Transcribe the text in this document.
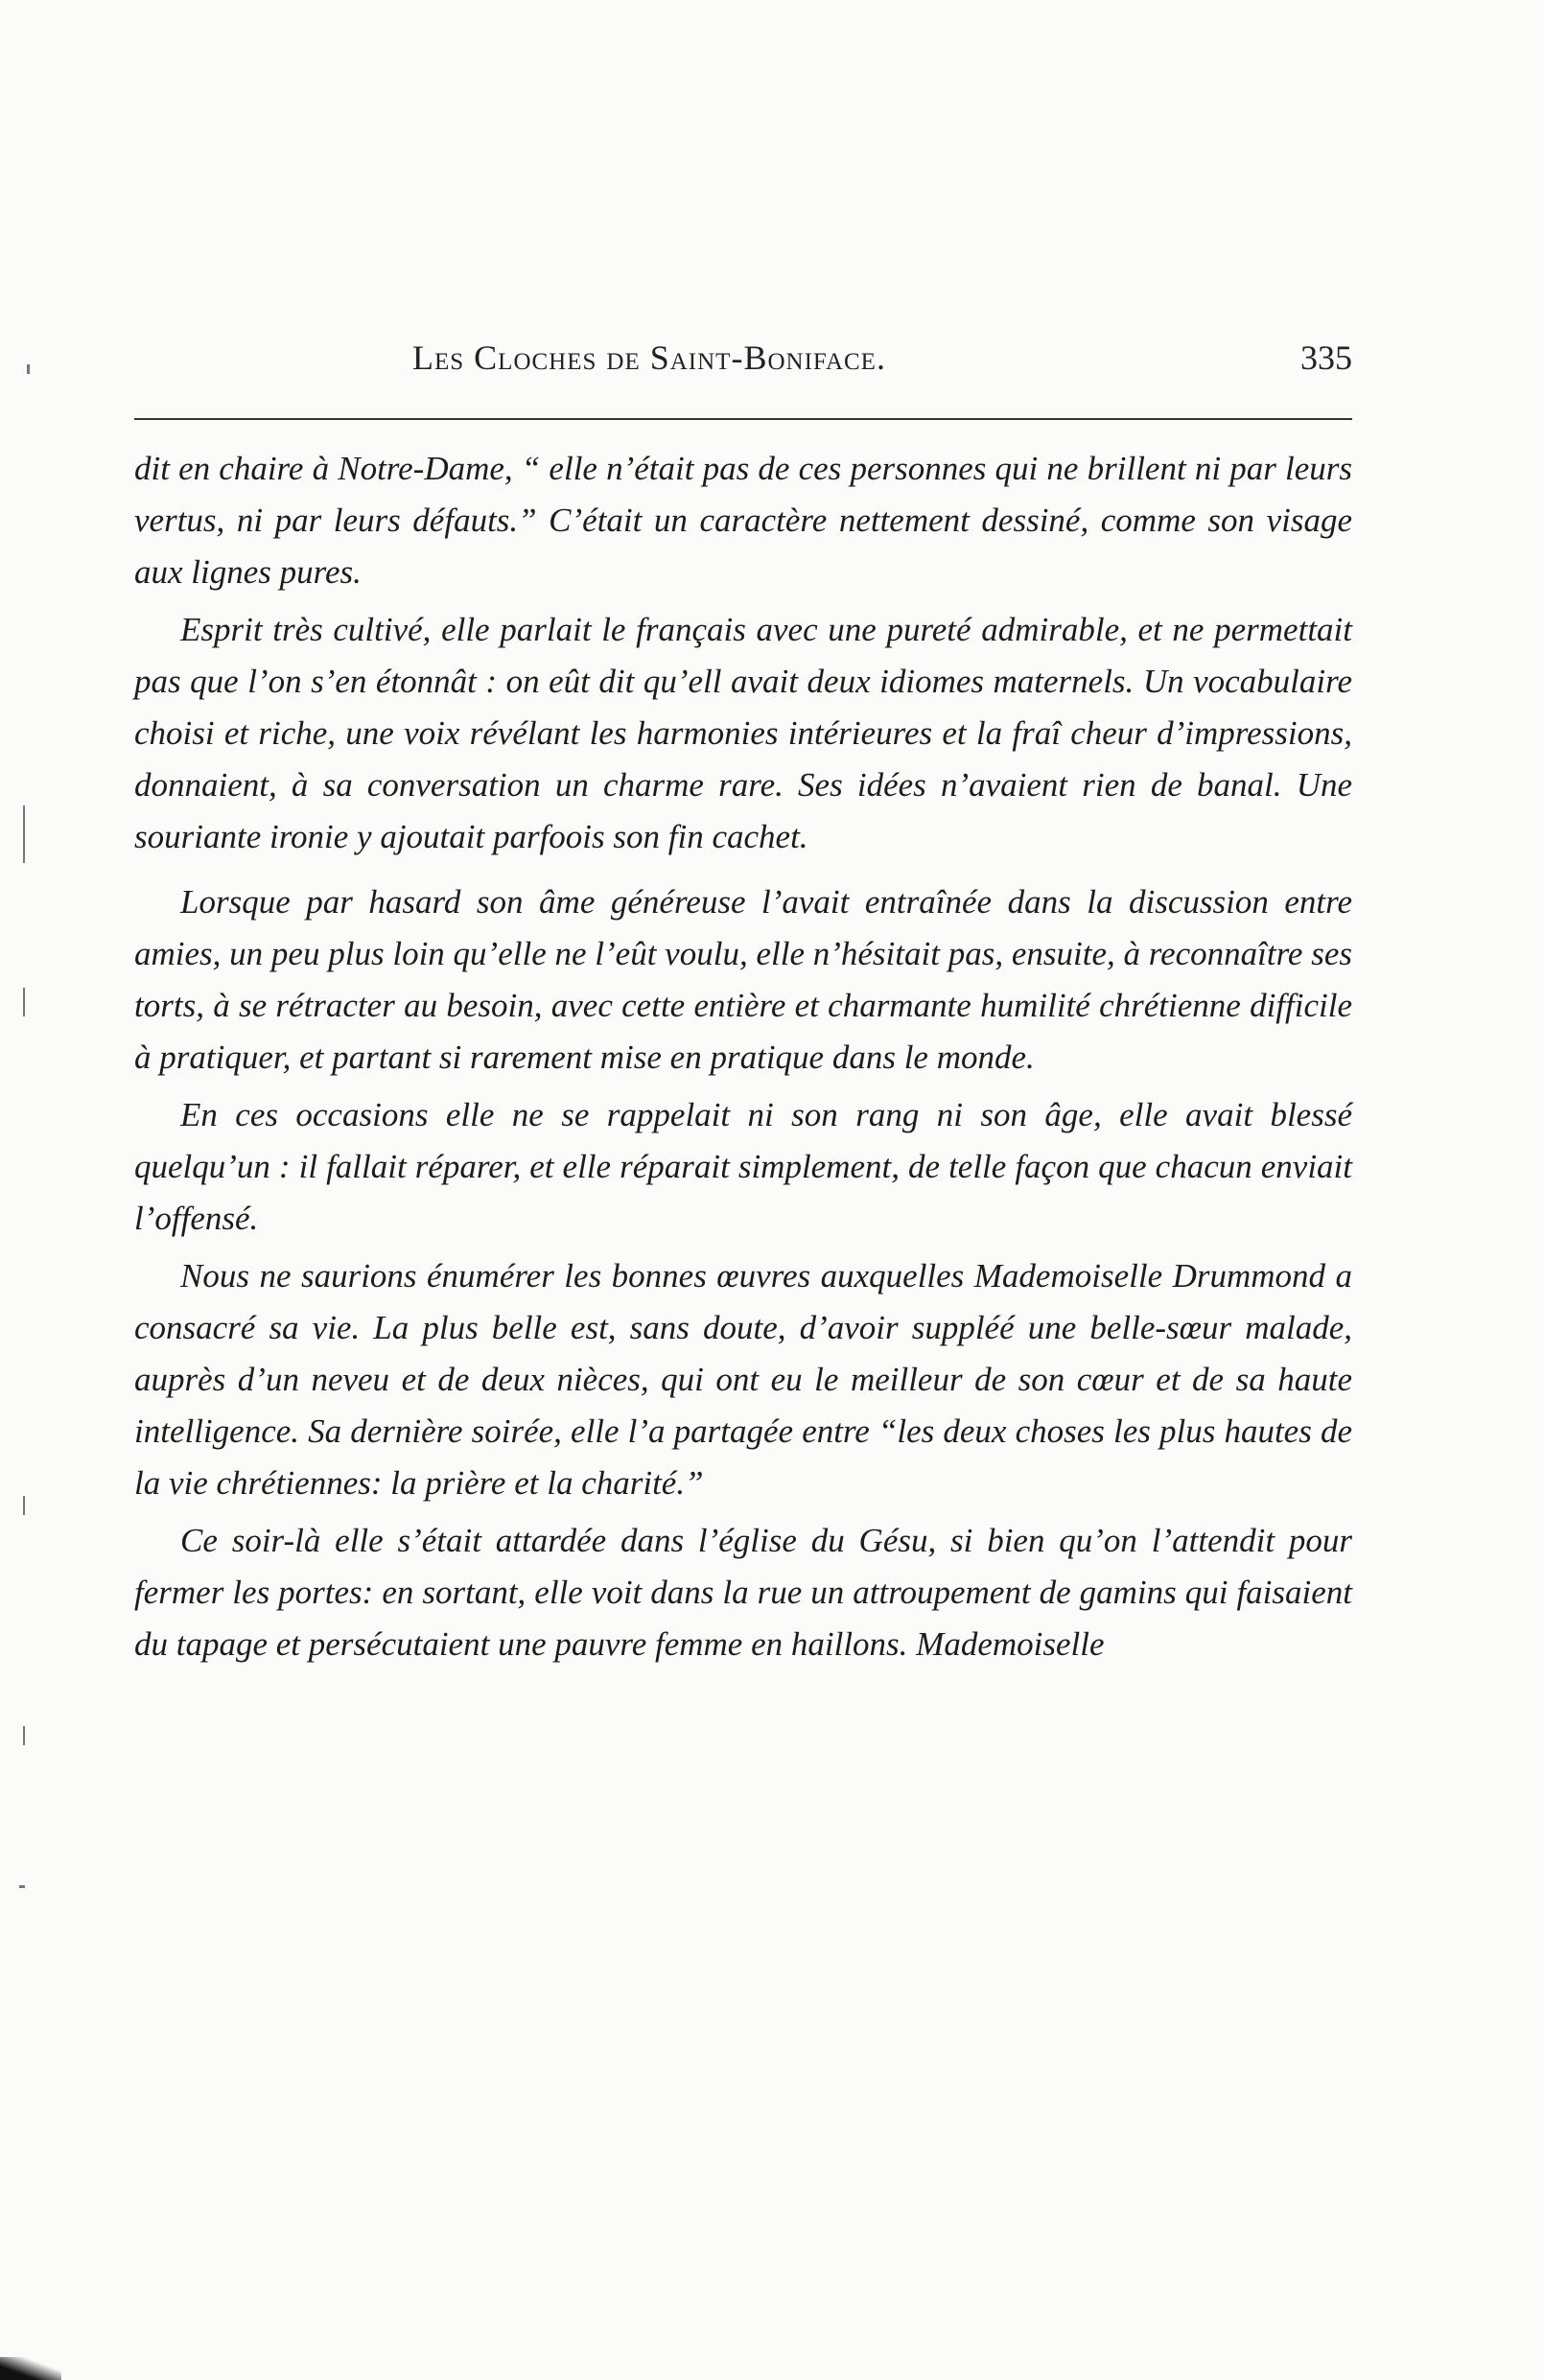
Les Cloches de Saint-Boniface.	335

dit en chaire à Notre-Dame, “ elle n’était pas de ces personnes qui ne brillent ni par leurs vertus, ni par leurs défauts.” C’était un caractère nettement dessiné, comme son visage aux lignes pures.

Esprit très cultivé, elle parlait le français avec une pureté admirable, et ne permettait pas que l’on s’en étonnât : on eût dit qu’ell avait deux idiomes maternels. Un vocabulaire choisi et riche, une voix révélant les harmonies intérieures et la fraî cheur d’impressions, donnaient, à sa conversation un charme rare. Ses idées n’avaient rien de banal. Une souriante ironie y ajoutait parfoois son fin cachet.

Lorsque par hasard son âme généreuse l’avait entraînée dans la discussion entre amies, un peu plus loin qu’elle ne l’eût voulu, elle n’hésitait pas, ensuite, à reconnaître ses torts, à se rétracter au besoin, avec cette entière et charmante humilité chrétienne difficile à pratiquer, et partant si rarement mise en pratique dans le monde.

En ces occasions elle ne se rappelait ni son rang ni son âge, elle avait blessé quelqu’un : il fallait réparer, et elle réparait simplement, de telle façon que chacun enviait l’offensé.

Nous ne saurions énumérer les bonnes œuvres auxquelles Mademoiselle Drummond a consacré sa vie. La plus belle est, sans doute, d’avoir suppléé une belle-sœur malade, auprès d’un neveu et de deux nièces, qui ont eu le meilleur de son cœur et de sa haute intelligence. Sa dernière soirée, elle l’a partagée entre “les deux choses les plus hautes de la vie chrétiennes: la prière et la charité.”

Ce soir-là elle s’était attardée dans l’église du Gésu, si bien qu’on l’attendit pour fermer les portes: en sortant, elle voit dans la rue un attroupement de gamins qui faisaient du tapage et persécutaient une pauvre femme en haillons. Mademoiselle
